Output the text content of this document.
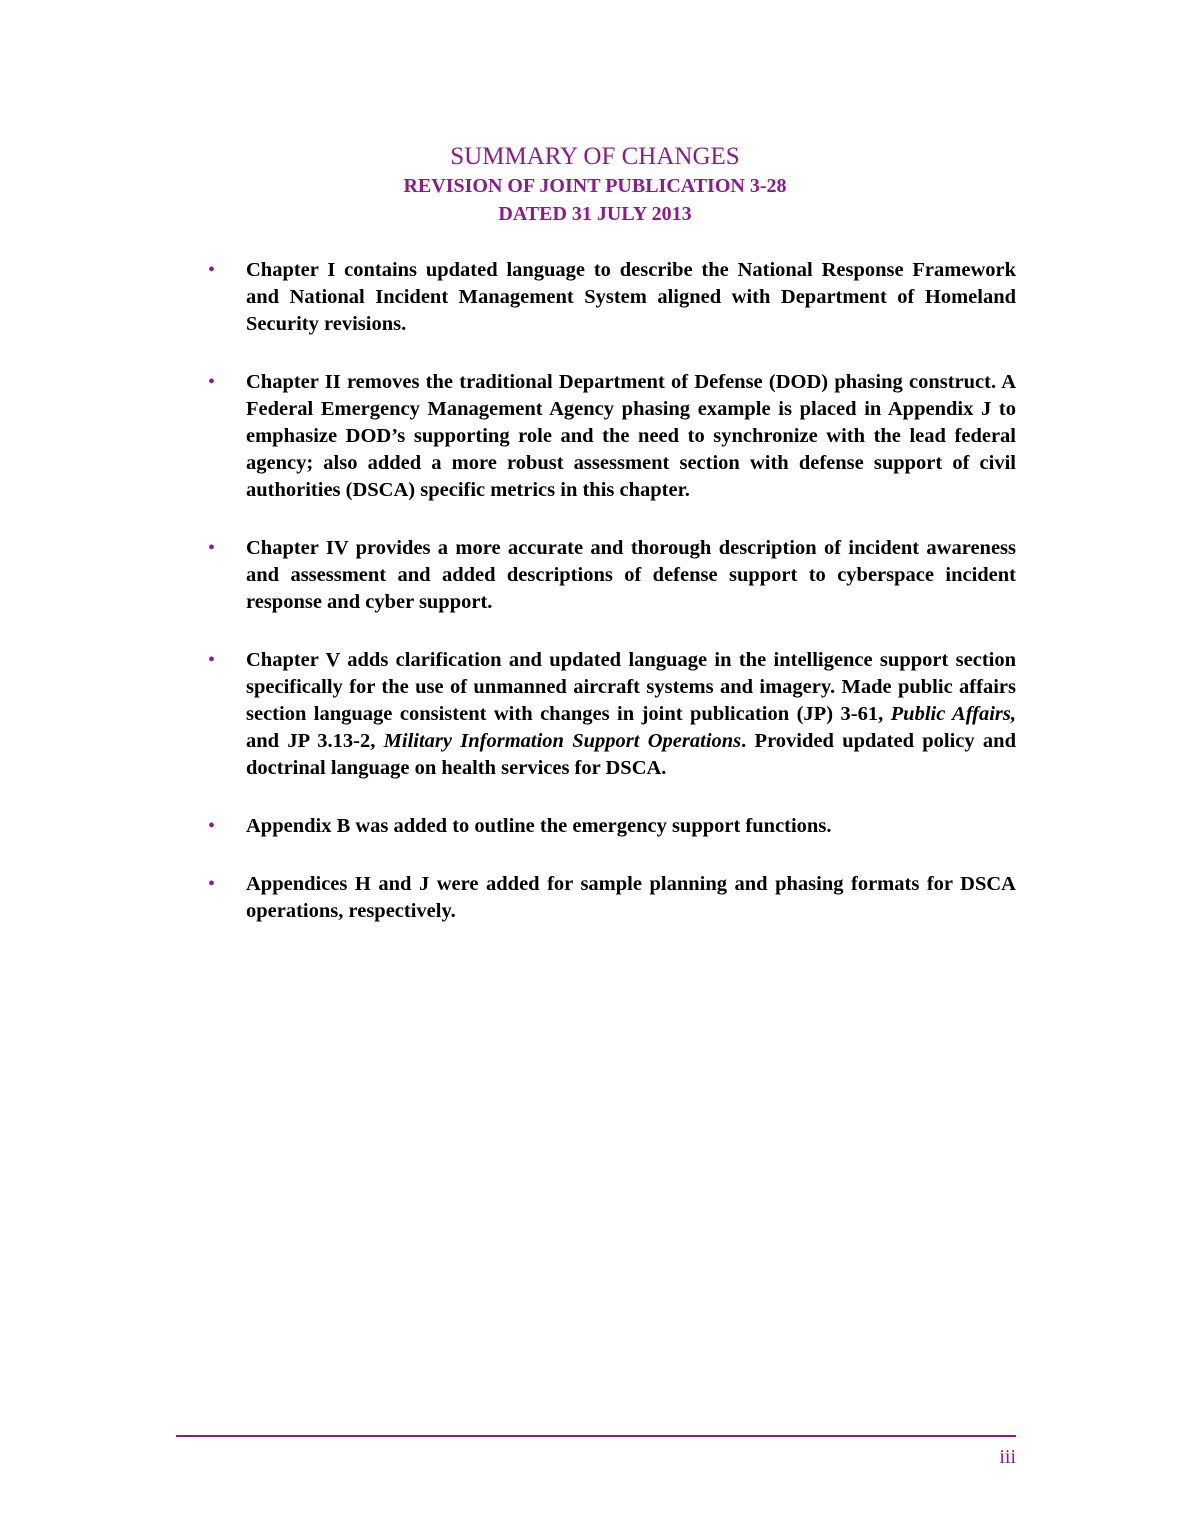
SUMMARY OF CHANGES
REVISION OF JOINT PUBLICATION 3-28
DATED 31 JULY 2013
• Chapter I contains updated language to describe the National Response Framework and National Incident Management System aligned with Department of Homeland Security revisions.
• Chapter II removes the traditional Department of Defense (DOD) phasing construct. A Federal Emergency Management Agency phasing example is placed in Appendix J to emphasize DOD’s supporting role and the need to synchronize with the lead federal agency; also added a more robust assessment section with defense support of civil authorities (DSCA) specific metrics in this chapter.
• Chapter IV provides a more accurate and thorough description of incident awareness and assessment and added descriptions of defense support to cyberspace incident response and cyber support.
• Chapter V adds clarification and updated language in the intelligence support section specifically for the use of unmanned aircraft systems and imagery. Made public affairs section language consistent with changes in joint publication (JP) 3-61, Public Affairs, and JP 3.13-2, Military Information Support Operations. Provided updated policy and doctrinal language on health services for DSCA.
• Appendix B was added to outline the emergency support functions.
• Appendices H and J were added for sample planning and phasing formats for DSCA operations, respectively.
iii
